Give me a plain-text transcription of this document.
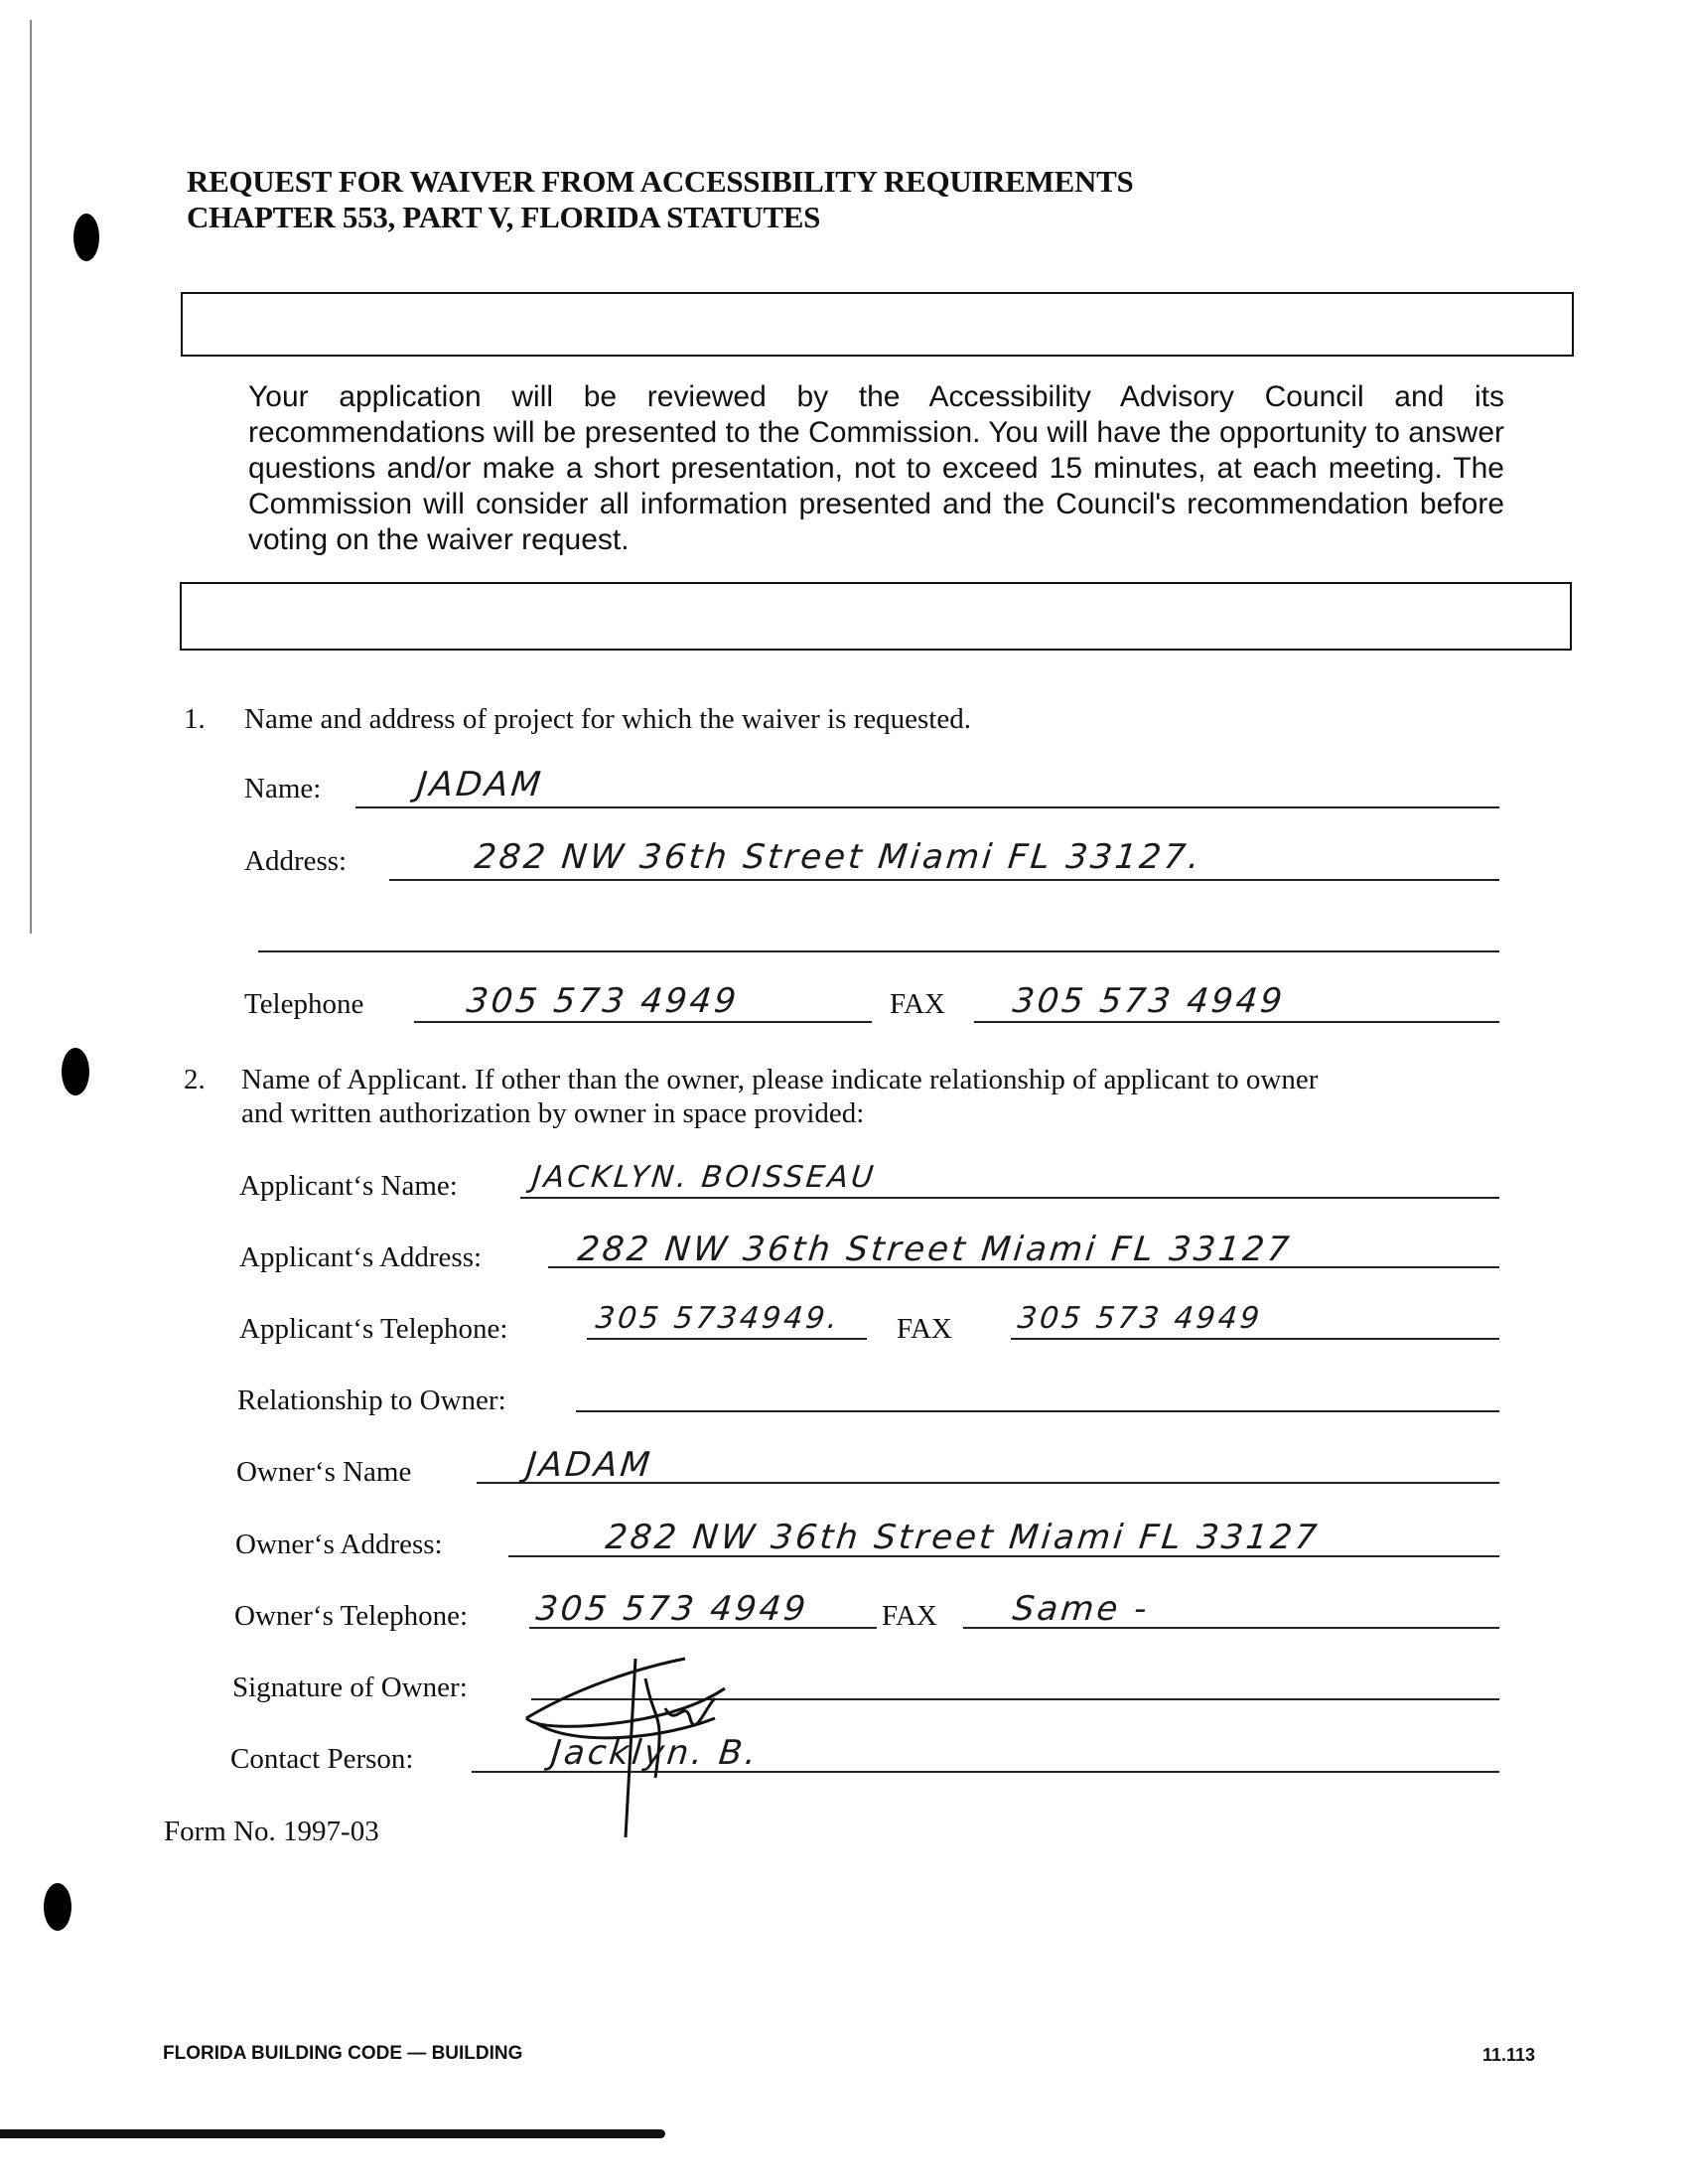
REQUEST FOR WAIVER FROM ACCESSIBILITY REQUIREMENTS
CHAPTER 553, PART V, FLORIDA STATUTES
Your application will be reviewed by the Accessibility Advisory Council and its recommendations will be presented to the Commission. You will have the opportunity to answer questions and/or make a short presentation, not to exceed 15 minutes, at each meeting. The Commission will consider all information presented and the Council's recommendation before voting on the waiver request.
1. Name and address of project for which the waiver is requested.
Name:	JADAM
Address:	282 NW 36th Street Miami FL 33127.
Telephone	305 573 4949	FAX 305 573 4949
2. Name of Applicant. If other than the owner, please indicate relationship of applicant to owner
and written authorization by owner in space provided:
Applicant‘s Name: JACKLYN. BOISSEAU
Applicant‘s Address:	282 NW 36th Street Miami FL 33127
Applicant‘s Telephone:	305 5734949. FAX 305 573 4949
Relationship to Owner:
Owner‘s Name	JADAM
Owner‘s Address:	282 NW 36th Street Miami FL 33127
Owner‘s Telephone: 305 573 4949 FAX Same -
Signature of Owner:
Contact Person:	Jacklyn. B.
Form No. 1997-03
FLORIDA BUILDING CODE — BUILDING	11.113
